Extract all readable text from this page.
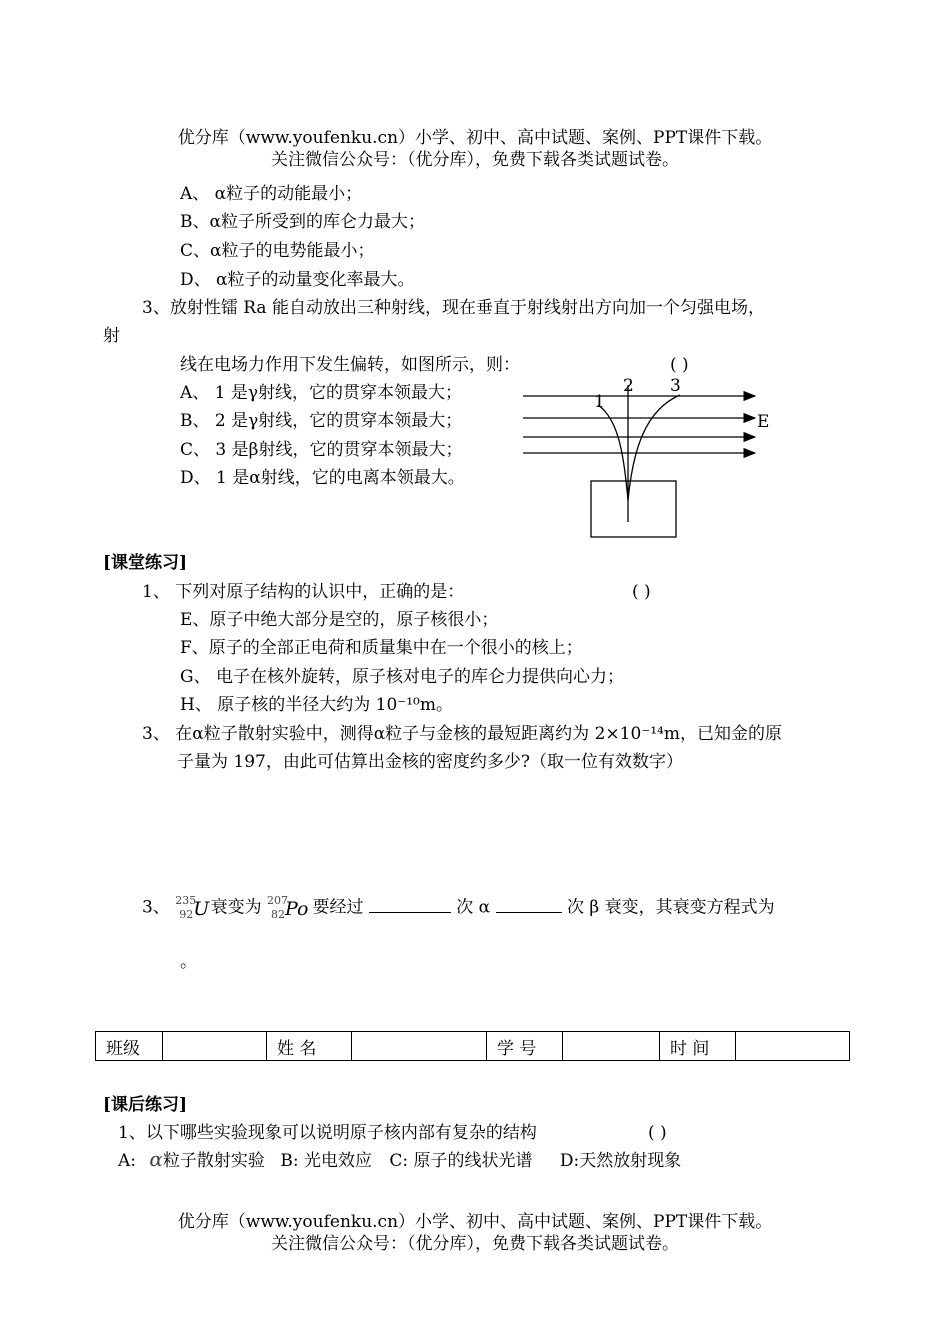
优分库（www.youfenku.cn）小学、初中、高中试题、案例、PPT课件下载。
关注微信公众号：（优分库），免费下载各类试题试卷。
A、 α粒子的动能最小；
B、α粒子所受到的库仑力最大；
C、α粒子的电势能最小；
D、 α粒子的动量变化率最大。
3、放射性镭 Ra 能自动放出三种射线，现在垂直于射线射出方向加一个匀强电场，
射
线在电场力作用下发生偏转，如图所示，则：	( )
A、 1 是γ射线，它的贯穿本领最大；
B、 2 是γ射线，它的贯穿本领最大；
C、 3 是β射线，它的贯穿本领最大；
D、 1 是α射线，它的电离本领最大。
1
2 3
E
[课堂练习]
1、 下列对原子结构的认识中，正确的是：	( )
E、原子中绝大部分是空的，原子核很小；
F、原子的全部正电荷和质量集中在一个很小的核上；
G、 电子在核外旋转，原子核对电子的库仑力提供向心力；
H、 原子核的半径大约为 10⁻¹⁰m。
3、 在α粒子散射实验中，测得α粒子与金核的最短距离约为 2×10⁻¹⁴m，已知金的原
子量为 197，由此可估算出金核的密度约多少?（取一位有效数字）
3、 235
92 U 衰变为 207
82 Po 要经过	次 α	次 β 衰变，其衰变方程式为
。
班级		姓 名		学 号		时 间	
[课后练习]
1、以下哪些实验现象可以说明原子核内部有复杂的结构	( )
A: α粒子散射实验 B: 光电效应 C: 原子的线状光谱 D:天然放射现象
优分库（www.youfenku.cn）小学、初中、高中试题、案例、PPT课件下载。
关注微信公众号：（优分库），免费下载各类试题试卷。
